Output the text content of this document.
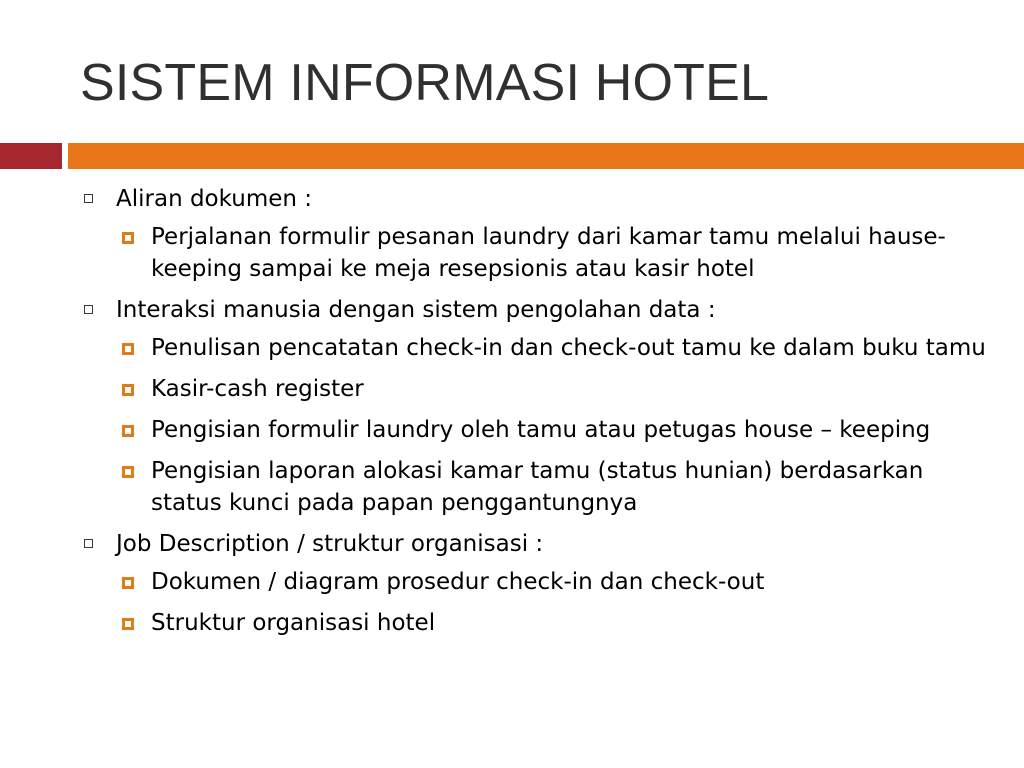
SISTEM INFORMASI HOTEL
Aliran dokumen :
Perjalanan formulir pesanan laundry dari kamar tamu melalui hause-keeping sampai ke meja resepsionis atau kasir hotel
Interaksi manusia dengan sistem pengolahan data :
Penulisan pencatatan check-in dan check-out tamu ke dalam buku tamu
Kasir-cash register
Pengisian formulir laundry oleh tamu atau petugas house – keeping
Pengisian laporan alokasi kamar tamu (status hunian) berdasarkan status kunci pada papan penggantungnya
Job Description / struktur organisasi :
Dokumen / diagram prosedur check-in dan check-out
Struktur organisasi hotel
